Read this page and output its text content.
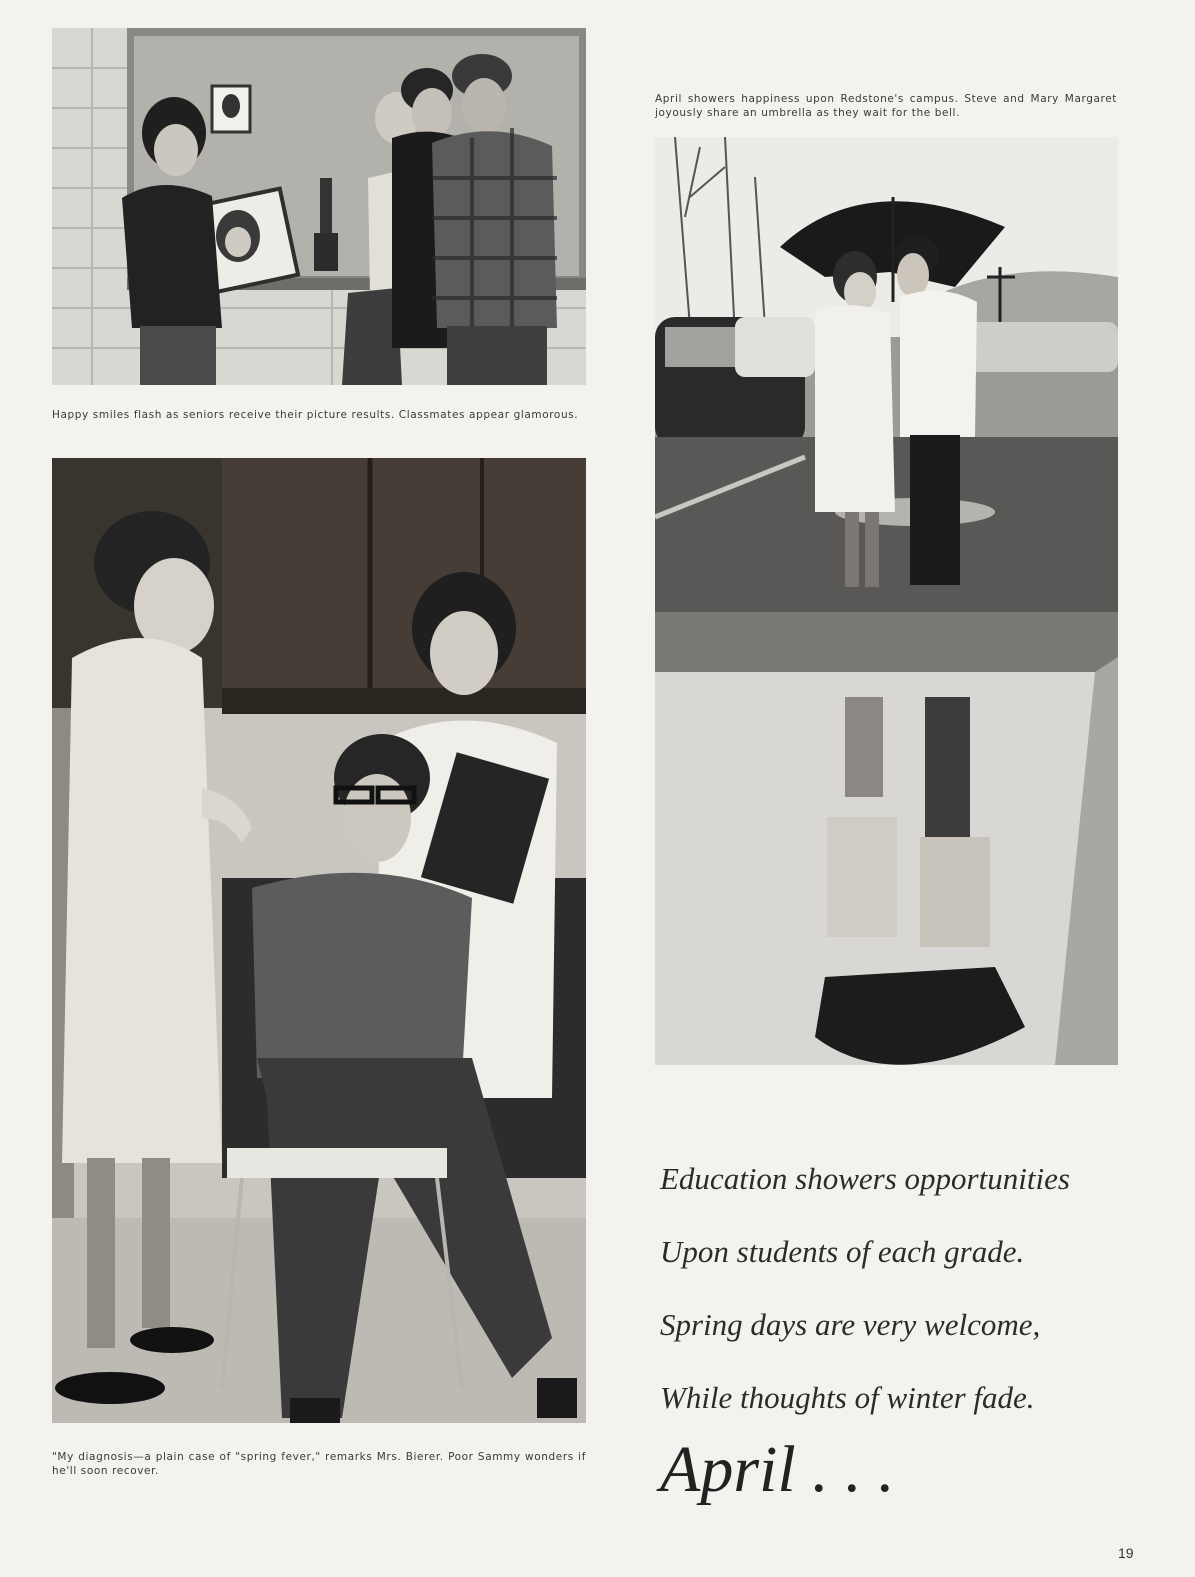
Happy smiles flash as seniors receive their picture results. Classmates appear glamorous.
"My diagnosis—a plain case of "spring fever," remarks Mrs. Bierer. Poor Sammy wonders if he'll soon recover.
April showers happiness upon Redstone's campus. Steve and Mary Margaret joyously share an umbrella as they wait for the bell.
Education showers opportunities
Upon students of each grade.
Spring days are very welcome,
While thoughts of winter fade.
April . . .
19
